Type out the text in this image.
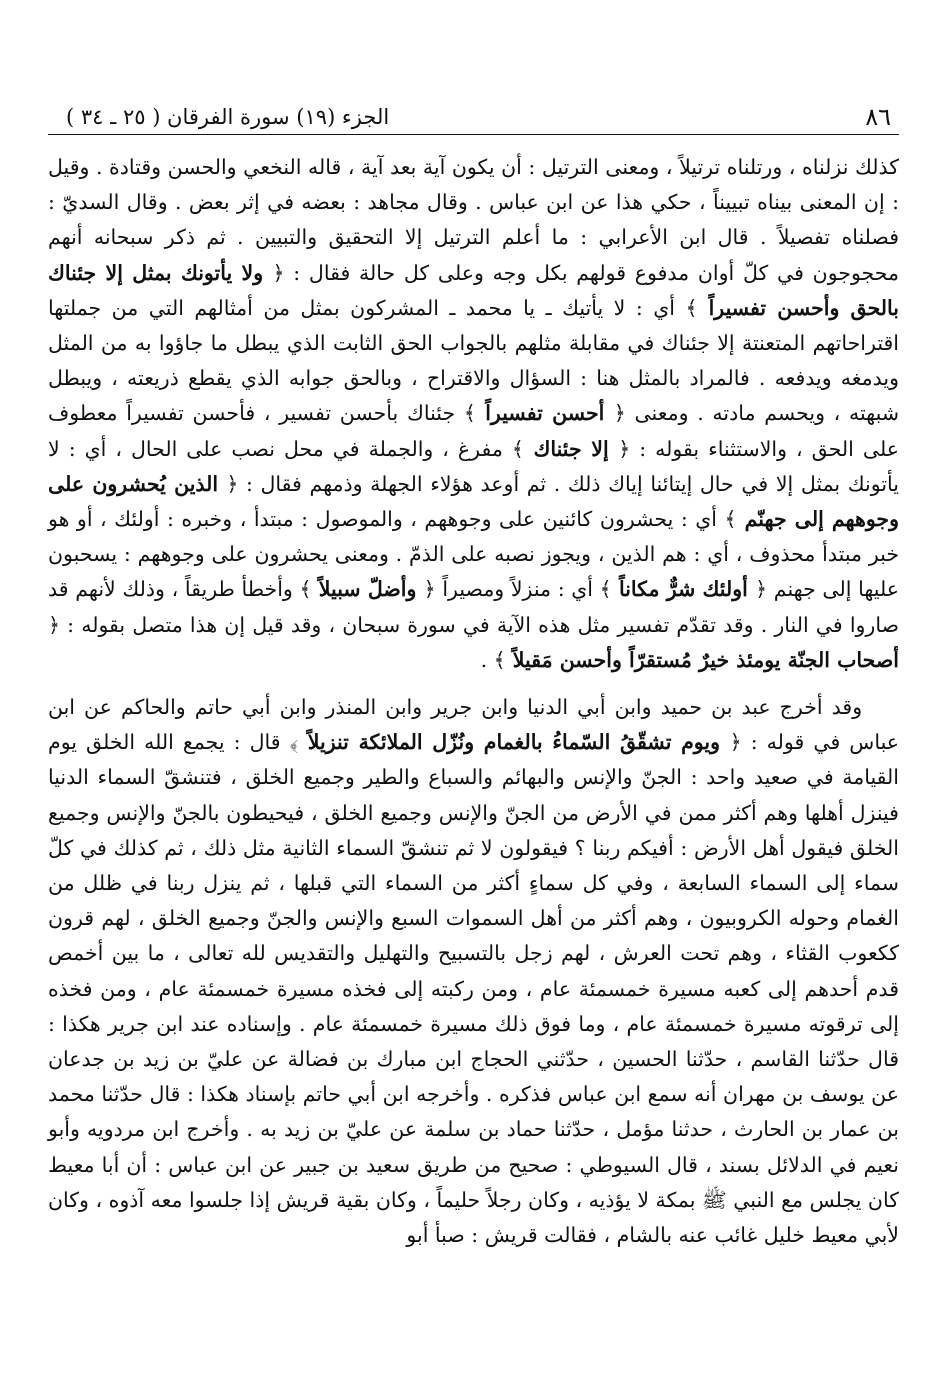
٨٦
الجزء (١٩) سورة الفرقان ( ٢٥ ـ ٣٤ )

كذلك نزلناه ، ورتلناه ترتيلاً ، ومعنى الترتيل : أن يكون آية بعد آية ، قاله النخعي والحسن وقتادة . وقيل : إن المعنى بيناه تبييناً ، حكي هذا عن ابن عباس . وقال مجاهد : بعضه في إثر بعض . وقال السديّ : فصلناه تفصيلاً . قال ابن الأعرابي : ما أعلم الترتيل إلا التحقيق والتبيين . ثم ذكر سبحانه أنهم محجوجون في كلّ أوان مدفوع قولهم بكل وجه وعلى كل حالة فقال : ﴿ ولا يأتونك بمثل إلا جئناك بالحق وأحسن تفسيراً ﴾ أي : لا يأتيك ـ يا محمد ـ المشركون بمثل من أمثالهم التي من جملتها اقتراحاتهم المتعنتة إلا جئناك في مقابلة مثلهم بالجواب الحق الثابت الذي يبطل ما جاؤوا به من المثل ويدمغه ويدفعه . فالمراد بالمثل هنا : السؤال والاقتراح ، وبالحق جوابه الذي يقطع ذريعته ، ويبطل شبهته ، ويحسم مادته . ومعنى ﴿ أحسن تفسيراً ﴾ جئناك بأحسن تفسير ، فأحسن تفسيراً معطوف على الحق ، والاستثناء بقوله : ﴿ إلا جئناك ﴾ مفرغ ، والجملة في محل نصب على الحال ، أي : لا يأتونك بمثل إلا في حال إيتائنا إياك ذلك . ثم أوعد هؤلاء الجهلة وذمهم فقال : ﴿ الذين يُحشرون على وجوههم إلى جهنّم ﴾ أي : يحشرون كائنين على وجوههم ، والموصول : مبتدأ ، وخبره : أولئك ، أو هو خبر مبتدأ محذوف ، أي : هم الذين ، ويجوز نصبه على الذمّ . ومعنى يحشرون على وجوههم : يسحبون عليها إلى جهنم ﴿ أولئك شرٌّ مكاناً ﴾ أي : منزلاً ومصيراً ﴿ وأضلّ سبيلاً ﴾ وأخطأ طريقاً ، وذلك لأنهم قد صاروا في النار . وقد تقدّم تفسير مثل هذه الآية في سورة سبحان ، وقد قيل إن هذا متصل بقوله : ﴿ أصحاب الجنّة يومئذ خيرٌ مُستقرّاً وأحسن مَقيلاً ﴾ .

وقد أخرج عبد بن حميد وابن أبي الدنيا وابن جرير وابن المنذر وابن أبي حاتم والحاكم عن ابن عباس في قوله : ﴿ ويوم تشقّقُ السّماءُ بالغمام ونُزّل الملائكة تنزيلاً ﴾ قال : يجمع الله الخلق يوم القيامة في صعيد واحد : الجنّ والإنس والبهائم والسباع والطير وجميع الخلق ، فتنشقّ السماء الدنيا فينزل أهلها وهم أكثر ممن في الأرض من الجنّ والإنس وجميع الخلق ، فيحيطون بالجنّ والإنس وجميع الخلق فيقول أهل الأرض : أفيكم ربنا ؟ فيقولون لا ثم تنشقّ السماء الثانية مثل ذلك ، ثم كذلك في كلّ سماء إلى السماء السابعة ، وفي كل سماءٍ أكثر من السماء التي قبلها ، ثم ينزل ربنا في ظلل من الغمام وحوله الكروبيون ، وهم أكثر من أهل السموات السبع والإنس والجنّ وجميع الخلق ، لهم قرون ككعوب القثاء ، وهم تحت العرش ، لهم زجل بالتسبيح والتهليل والتقديس لله تعالى ، ما بين أخمص قدم أحدهم إلى كعبه مسيرة خمسمئة عام ، ومن ركبته إلى فخذه مسيرة خمسمئة عام ، ومن فخذه إلى ترقوته مسيرة خمسمئة عام ، وما فوق ذلك مسيرة خمسمئة عام . وإسناده عند ابن جرير هكذا : قال حدّثنا القاسم ، حدّثنا الحسين ، حدّثني الحجاج ابن مبارك بن فضالة عن عليّ بن زيد بن جدعان عن يوسف بن مهران أنه سمع ابن عباس فذكره . وأخرجه ابن أبي حاتم بإسناد هكذا : قال حدّثنا محمد بن عمار بن الحارث ، حدثنا مؤمل ، حدّثنا حماد بن سلمة عن عليّ بن زيد به . وأخرج ابن مردويه وأبو نعيم في الدلائل بسند ، قال السيوطي : صحيح من طريق سعيد بن جبير عن ابن عباس : أن أبا معيط كان يجلس مع النبي ﷺ بمكة لا يؤذيه ، وكان رجلاً حليماً ، وكان بقية قريش إذا جلسوا معه آذوه ، وكان لأبي معيط خليل غائب عنه بالشام ، فقالت قريش : صبأ أبو
